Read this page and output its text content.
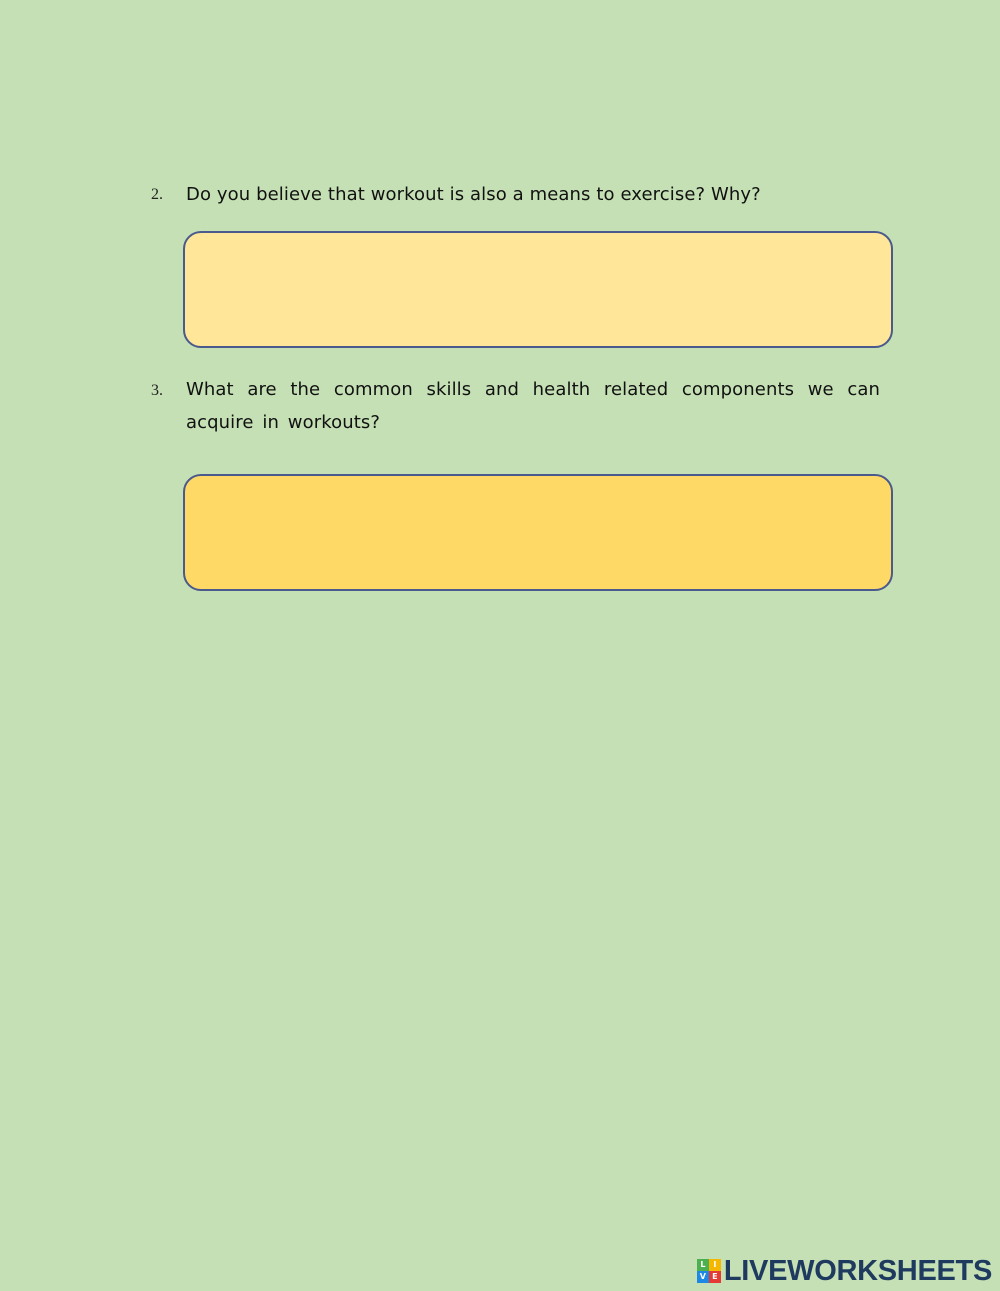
2. Do you believe that workout is also a means to exercise? Why?
3. What are the common skills and health related components we can acquire in workouts?
L I
V E LIVEWORKSHEETS
